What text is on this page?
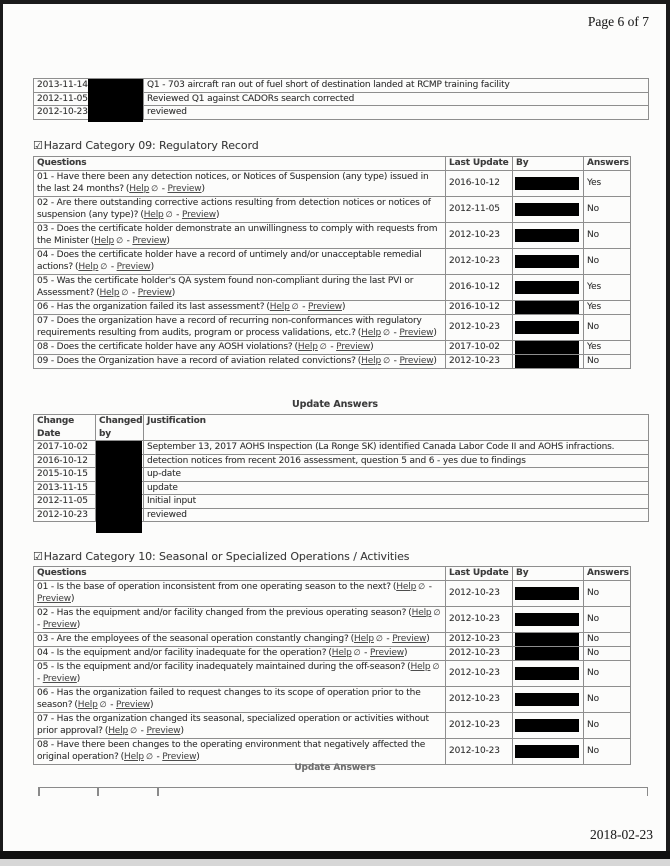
Page 6 of 7
2013-11-14		Q1 - 703 aircraft ran out of fuel short of destination landed at RCMP training facility
2012-11-05		Reviewed Q1 against CADORs search corrected
2012-10-23		reviewed
☑Hazard Category 09: Regulatory Record
Questions	Last Update	By	Answers
01 - Have there been any detection notices, or Notices of Suspension (any type) issued in the last 24 months? (Help ∅ - Preview)	2016-10-12		Yes
02 - Are there outstanding corrective actions resulting from detection notices or notices of suspension (any type)? (Help ∅ - Preview)	2012-11-05		No
03 - Does the certificate holder demonstrate an unwillingness to comply with requests from the Minister (Help ∅ - Preview)	2012-10-23		No
04 - Does the certificate holder have a record of untimely and/or unacceptable remedial actions? (Help ∅ - Preview)	2012-10-23		No
05 - Was the certificate holder's QA system found non-compliant during the last PVI or Assessment? (Help ∅ - Preview)	2016-10-12		Yes
06 - Has the organization failed its last assessment? (Help ∅ - Preview)	2016-10-12		Yes
07 - Does the organization have a record of recurring non-conformances with regulatory requirements resulting from audits, program or process validations, etc.? (Help ∅ - Preview)	2012-10-23		No
08 - Does the certificate holder have any AOSH violations? (Help ∅ - Preview)	2017-10-02		Yes
09 - Does the Organization have a record of aviation related convictions? (Help ∅ - Preview)	2012-10-23		No
Update Answers
Change Date	Changed by	Justification
2017-10-02		September 13, 2017 AOHS Inspection (La Ronge SK) identified Canada Labor Code II and AOHS infractions.
2016-10-12		detection notices from recent 2016 assessment, question 5 and 6 - yes due to findings
2015-10-15		up-date
2013-11-15		update
2012-11-05		Initial input
2012-10-23		reviewed
☑Hazard Category 10: Seasonal or Specialized Operations / Activities
Questions	Last Update	By	Answers
01 - Is the base of operation inconsistent from one operating season to the next? (Help ∅ - Preview)	2012-10-23		No
02 - Has the equipment and/or facility changed from the previous operating season? (Help ∅ - Preview)	2012-10-23		No
03 - Are the employees of the seasonal operation constantly changing? (Help ∅ - Preview)	2012-10-23		No
04 - Is the equipment and/or facility inadequate for the operation? (Help ∅ - Preview)	2012-10-23		No
05 - Is the equipment and/or facility inadequately maintained during the off-season? (Help ∅ - Preview)	2012-10-23		No
06 - Has the organization failed to request changes to its scope of operation prior to the season? (Help ∅ - Preview)	2012-10-23		No
07 - Has the organization changed its seasonal, specialized operation or activities without prior approval? (Help ∅ - Preview)	2012-10-23		No
08 - Have there been changes to the operating environment that negatively affected the original operation? (Help ∅ - Preview)	2012-10-23		No
Update Answers
2018-02-23
